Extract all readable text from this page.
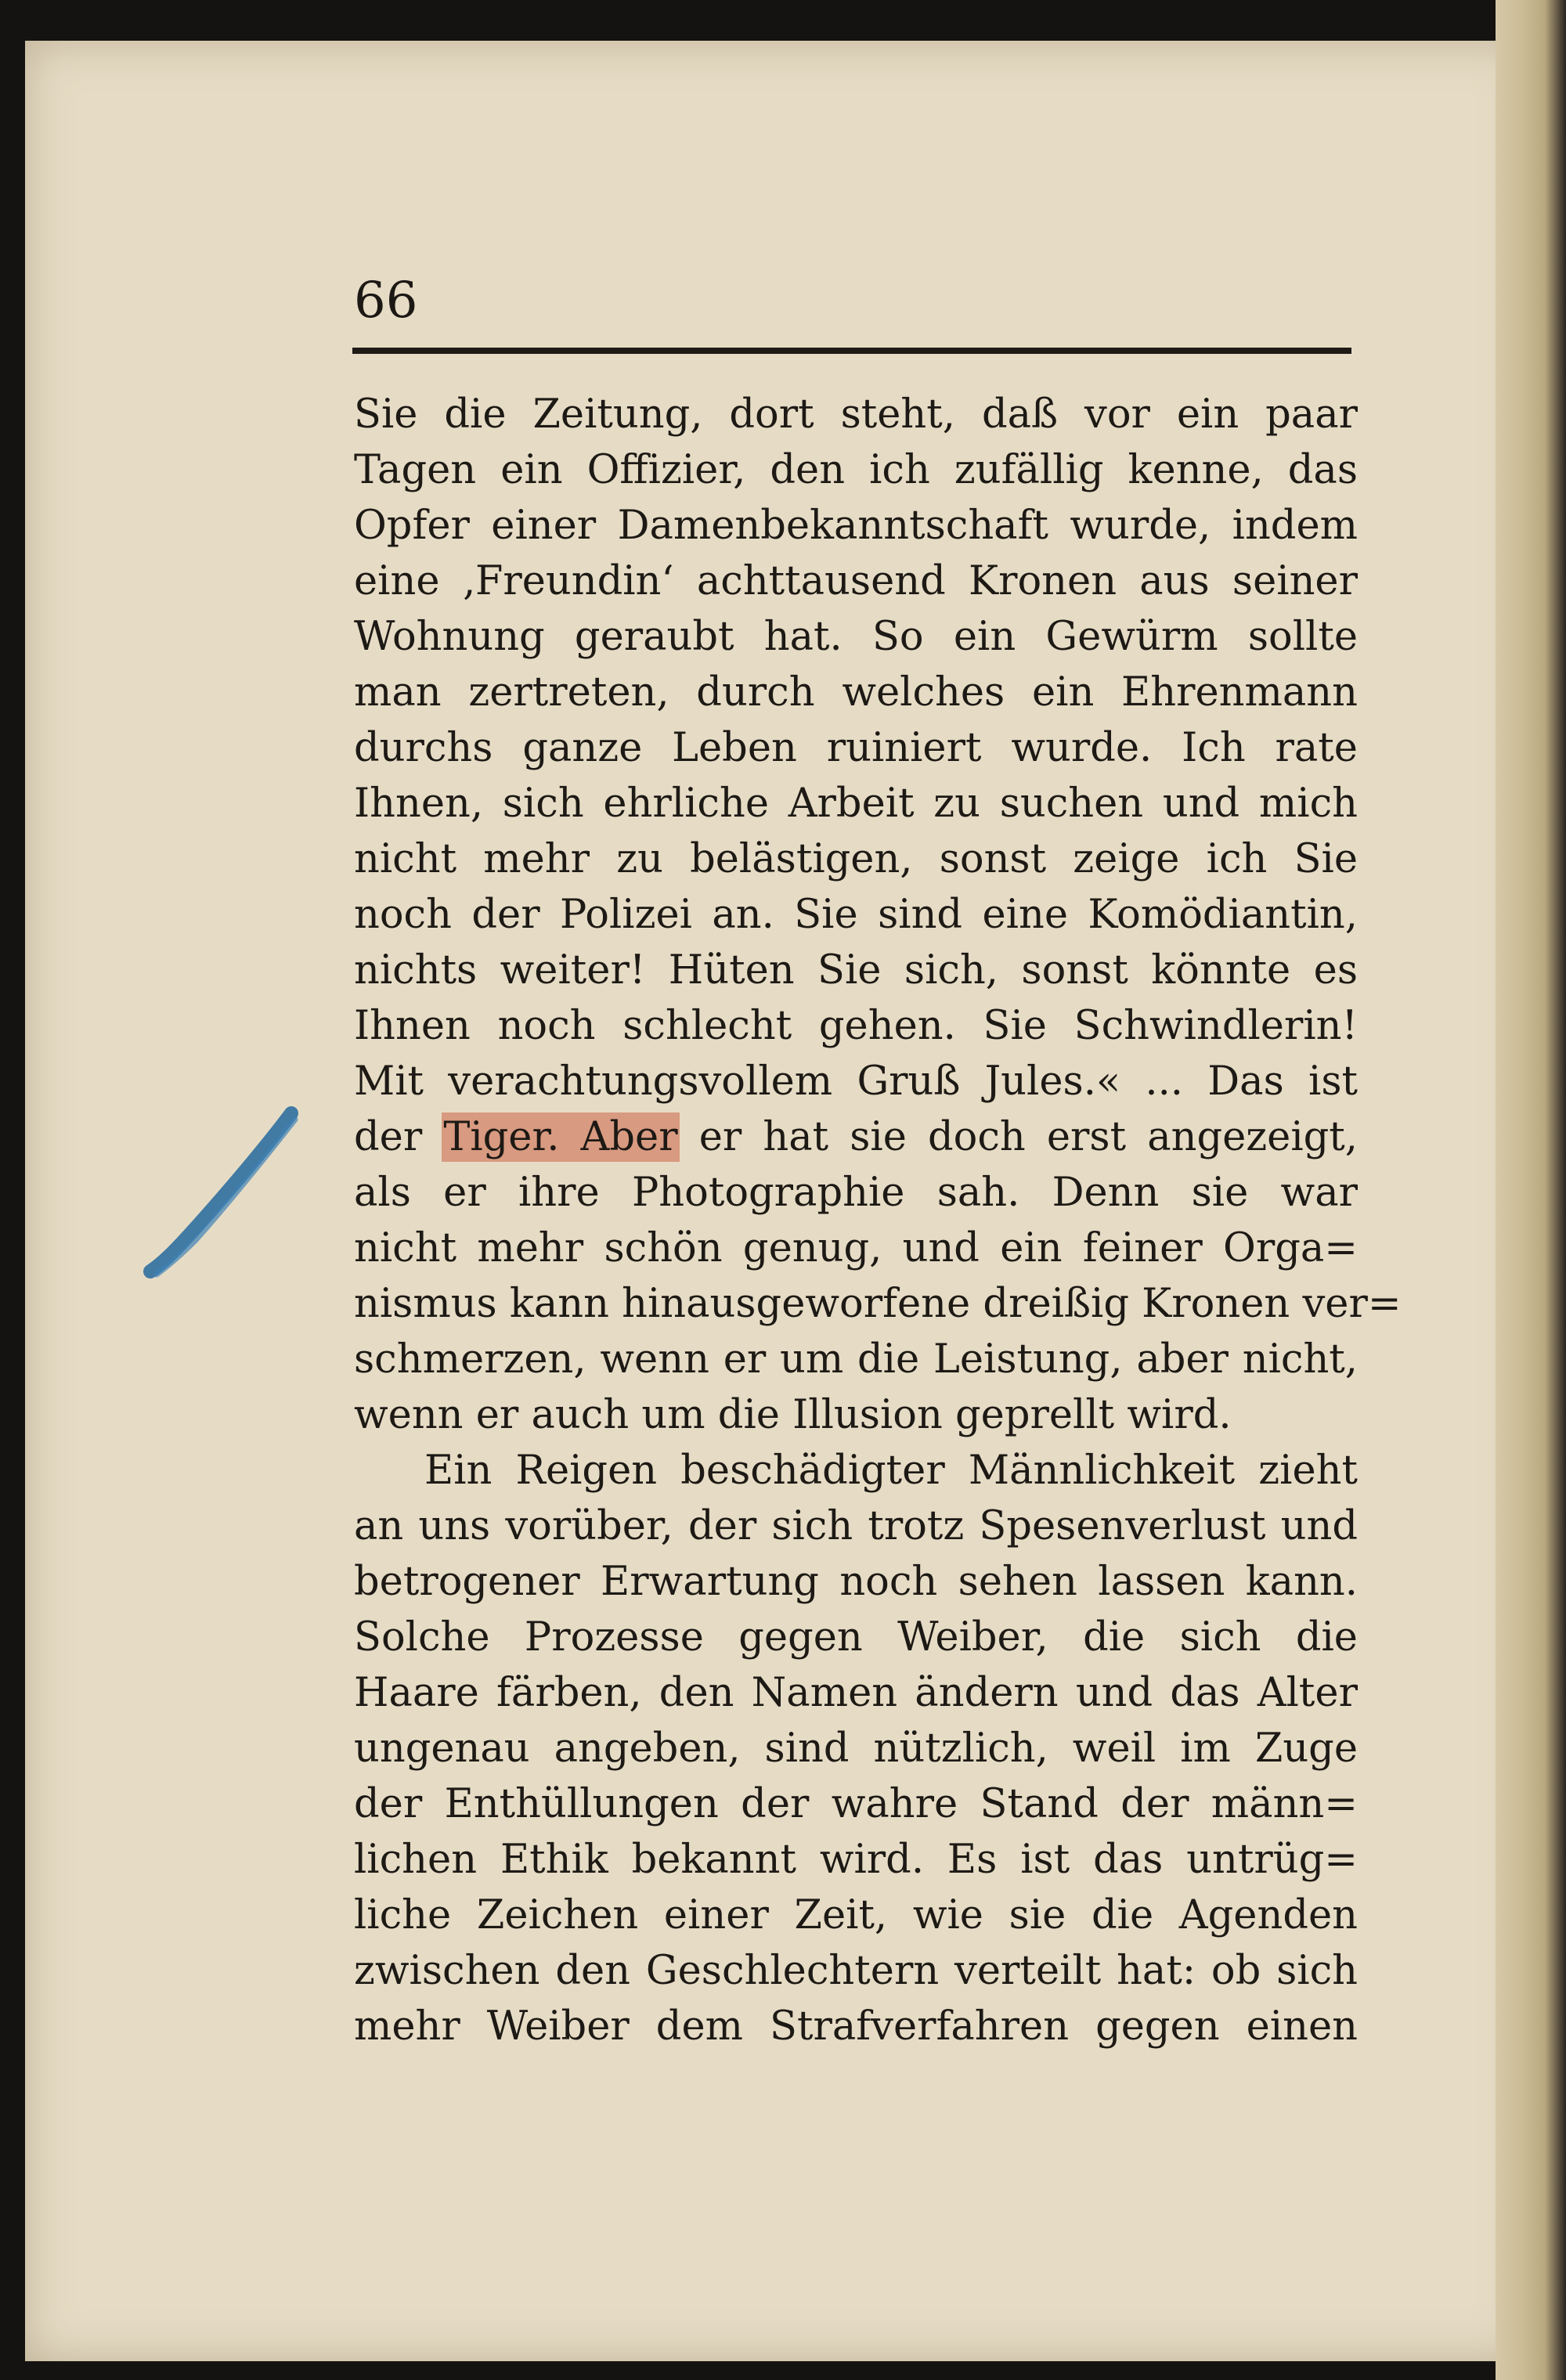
66
Sie die Zeitung, dort steht, daß vor ein paar
Tagen ein Offizier, den ich zufällig kenne, das
Opfer einer Damenbekanntschaft wurde, indem
eine ‚Freundin‘ achttausend Kronen aus seiner
Wohnung geraubt hat. So ein Gewürm sollte
man zertreten, durch welches ein Ehrenmann
durchs ganze Leben ruiniert wurde. Ich rate
Ihnen, sich ehrliche Arbeit zu suchen und mich
nicht mehr zu belästigen, sonst zeige ich Sie
noch der Polizei an. Sie sind eine Komödiantin,
nichts weiter! Hüten Sie sich, sonst könnte es
Ihnen noch schlecht gehen. Sie Schwindlerin!
Mit verachtungsvollem Gruß Jules.« ... Das ist
der Tiger. Aber er hat sie doch erst angezeigt,
als er ihre Photographie sah. Denn sie war
nicht mehr schön genug, und ein feiner Orga=
nismus kann hinausgeworfene dreißig Kronen ver=
schmerzen, wenn er um die Leistung, aber nicht,
wenn er auch um die Illusion geprellt wird.
Ein Reigen beschädigter Männlichkeit zieht
an uns vorüber, der sich trotz Spesenverlust und
betrogener Erwartung noch sehen lassen kann.
Solche Prozesse gegen Weiber, die sich die
Haare färben, den Namen ändern und das Alter
ungenau angeben, sind nützlich, weil im Zuge
der Enthüllungen der wahre Stand der männ=
lichen Ethik bekannt wird. Es ist das untrüg=
liche Zeichen einer Zeit, wie sie die Agenden
zwischen den Geschlechtern verteilt hat: ob sich
mehr Weiber dem Strafverfahren gegen einen
